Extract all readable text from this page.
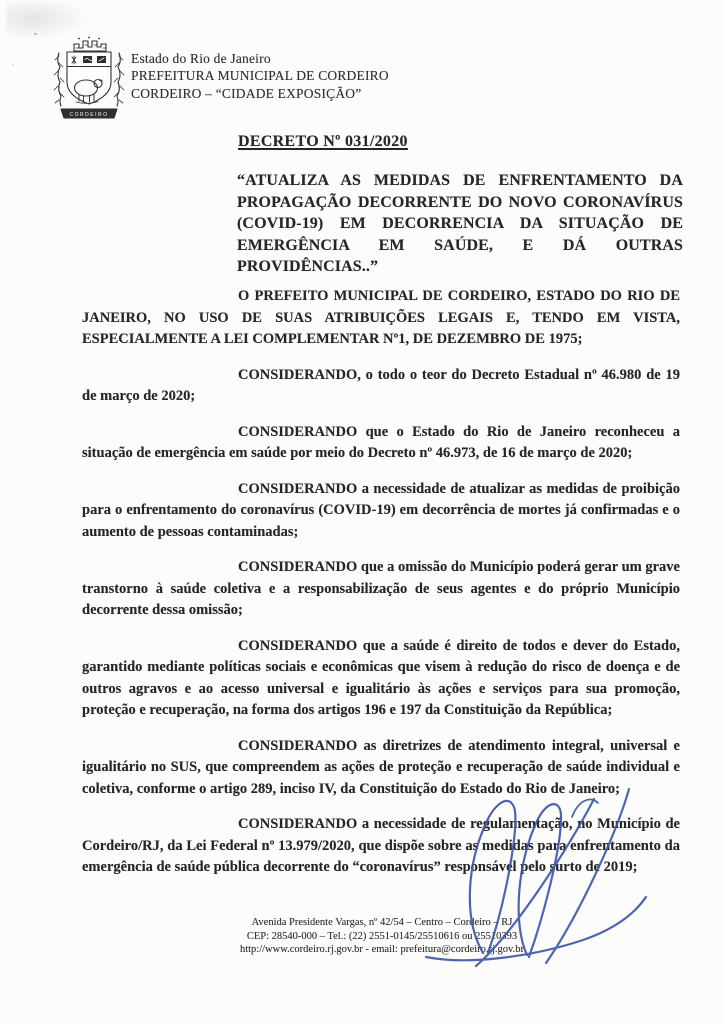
CORDEIRO
Estado do Rio de Janeiro
PREFEITURA MUNICIPAL DE CORDEIRO
CORDEIRO – “CIDADE EXPOSIÇÃO”
DECRETO Nº 031/2020
“ATUALIZA AS MEDIDAS DE ENFRENTAMENTO DA PROPAGAÇÃO DECORRENTE DO NOVO CORONAVÍRUS (COVID-19) EM DECORRENCIA DA SITUAÇÃO DE EMERGÊNCIA EM SAÚDE, E DÁ OUTRAS PROVIDÊNCIAS..”

O PREFEITO MUNICIPAL DE CORDEIRO, ESTADO DO RIO DE JANEIRO, NO USO DE SUAS ATRIBUIÇÕES LEGAIS E, TENDO EM VISTA, ESPECIALMENTE A LEI COMPLEMENTAR Nº1, DE DEZEMBRO DE 1975;

CONSIDERANDO, o todo o teor do Decreto Estadual nº 46.980 de 19 de março de 2020;

CONSIDERANDO que o Estado do Rio de Janeiro reconheceu a situação de emergência em saúde por meio do Decreto nº 46.973, de 16 de março de 2020;

CONSIDERANDO a necessidade de atualizar as medidas de proibição para o enfrentamento do coronavírus (COVID-19) em decorrência de mortes já confirmadas e o aumento de pessoas contaminadas;

CONSIDERANDO que a omissão do Município poderá gerar um grave transtorno à saúde coletiva e a responsabilização de seus agentes e do próprio Município decorrente dessa omissão;

CONSIDERANDO que a saúde é direito de todos e dever do Estado, garantido mediante políticas sociais e econômicas que visem à redução do risco de doença e de outros agravos e ao acesso universal e igualitário às ações e serviços para sua promoção, proteção e recuperação, na forma dos artigos 196 e 197 da Constituição da República;

CONSIDERANDO as diretrizes de atendimento integral, universal e igualitário no SUS, que compreendem as ações de proteção e recuperação de saúde individual e coletiva, conforme o artigo 289, inciso IV, da Constituição do Estado do Rio de Janeiro;

CONSIDERANDO a necessidade de regulamentação, no Município de Cordeiro/RJ, da Lei Federal nº 13.979/2020, que dispõe sobre as medidas para enfrentamento da emergência de saúde pública decorrente do “coronavírus” responsável pelo surto de 2019;

Avenida Presidente Vargas, nº 42/54 – Centro – Cordeiro – RJ
CEP: 28540-000 – Tel.: (22) 2551-0145/25510616 ou 25510393
http://www.cordeiro.rj.gov.br - email: prefeitura@cordeiro.rj.gov.br
